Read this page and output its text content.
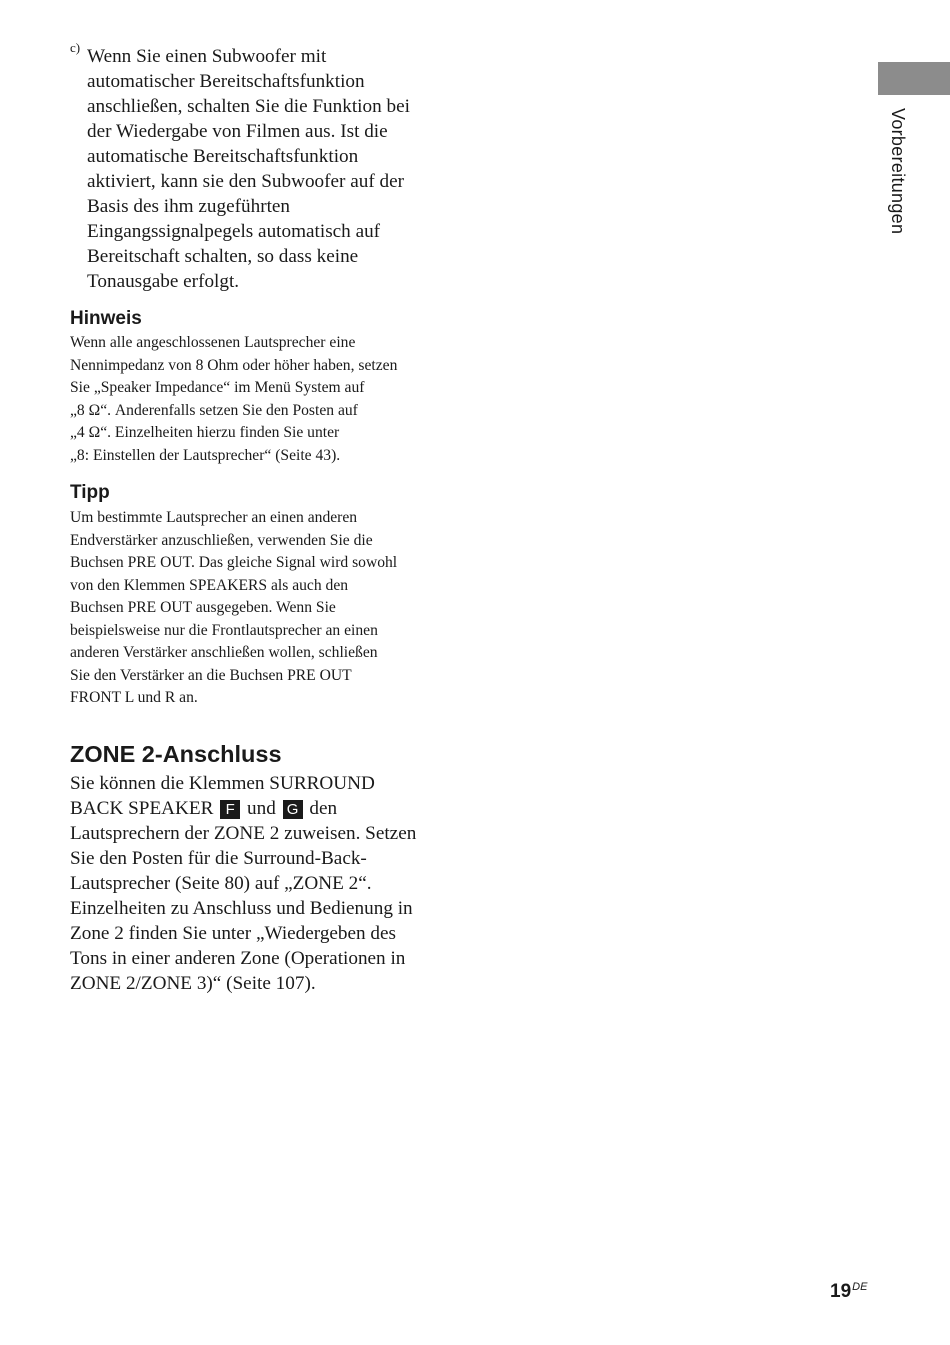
Vorbereitungen
c) Wenn Sie einen Subwoofer mit
automatischer Bereitschaftsfunktion
anschließen, schalten Sie die Funktion bei
der Wiedergabe von Filmen aus. Ist die
automatische Bereitschaftsfunktion
aktiviert, kann sie den Subwoofer auf der
Basis des ihm zugeführten
Eingangssignalpegels automatisch auf
Bereitschaft schalten, so dass keine
Tonausgabe erfolgt.
Hinweis
Wenn alle angeschlossenen Lautsprecher eine
Nennimpedanz von 8 Ohm oder höher haben, setzen
Sie „Speaker Impedance“ im Menü System auf
„8 Ω“. Anderenfalls setzen Sie den Posten auf
„4 Ω“. Einzelheiten hierzu finden Sie unter
„8: Einstellen der Lautsprecher“ (Seite 43).
Tipp
Um bestimmte Lautsprecher an einen anderen
Endverstärker anzuschließen, verwenden Sie die
Buchsen PRE OUT. Das gleiche Signal wird sowohl
von den Klemmen SPEAKERS als auch den
Buchsen PRE OUT ausgegeben. Wenn Sie
beispielsweise nur die Frontlautsprecher an einen
anderen Verstärker anschließen wollen, schließen
Sie den Verstärker an die Buchsen PRE OUT
FRONT L und R an.
ZONE 2-Anschluss
Sie können die Klemmen SURROUND
BACK SPEAKER F und G den
Lautsprechern der ZONE 2 zuweisen. Setzen
Sie den Posten für die Surround-Back-
Lautsprecher (Seite 80) auf „ZONE 2“.
Einzelheiten zu Anschluss und Bedienung in
Zone 2 finden Sie unter „Wiedergeben des
Tons in einer anderen Zone (Operationen in
ZONE 2/ZONE 3)“ (Seite 107).
19DE
